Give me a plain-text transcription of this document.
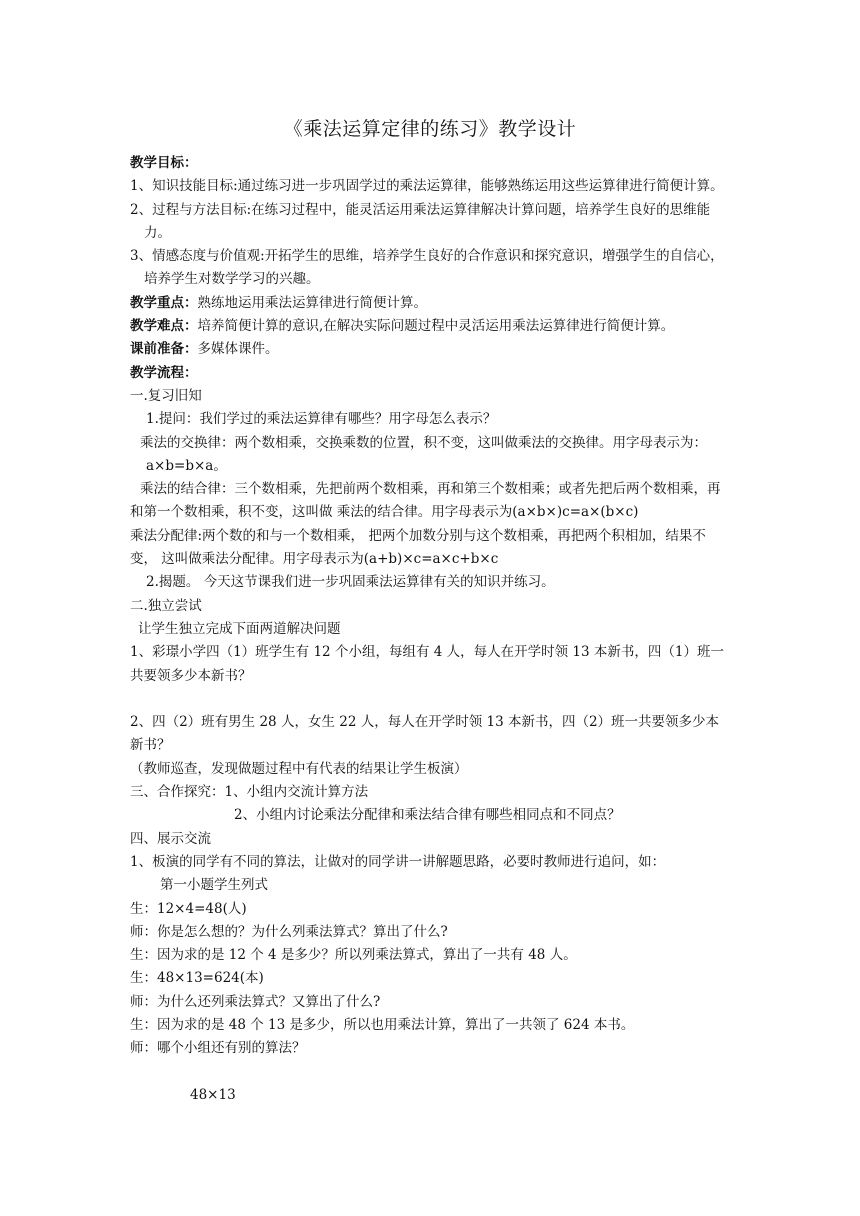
《乘法运算定律的练习》教学设计

教学目标：

1、知识技能目标:通过练习进一步巩固学过的乘法运算律，能够熟练运用这些运算律进行简便计算。

2、过程与方法目标:在练习过程中，能灵活运用乘法运算律解决计算问题，培养学生良好的思维能力。

3、情感态度与价值观:开拓学生的思维，培养学生良好的合作意识和探究意识，增强学生的自信心，培养学生对数学学习的兴趣。

教学重点：熟练地运用乘法运算律进行简便计算。

教学难点：培养简便计算的意识,在解决实际问题过程中灵活运用乘法运算律进行简便计算。

课前准备：多媒体课件。

教学流程：

一.复习旧知

1.提问：我们学过的乘法运算律有哪些？用字母怎么表示？

乘法的交换律：两个数相乘，交换乘数的位置，积不变，这叫做乘法的交换律。用字母表示为： a×b=b×a。

乘法的结合律：三个数相乘，先把前两个数相乘，再和第三个数相乘；或者先把后两个数相乘，再和第一个数相乘，积不变，这叫做 乘法的结合律。用字母表示为(a×b×)c=a×(b×c)

乘法分配律:两个数的和与一个数相乘， 把两个加数分别与这个数相乘，再把两个积相加，结果不变， 这叫做乘法分配律。用字母表示为(a+b)×c=a×c+b×c

2.揭题。 今天这节课我们进一步巩固乘法运算律有关的知识并练习。

二.独立尝试

让学生独立完成下面两道解决问题

1、彩璟小学四（1）班学生有 12 个小组，每组有 4 人，每人在开学时领 13 本新书，四（1）班一共要领多少本新书？

2、四（2）班有男生 28 人，女生 22 人，每人在开学时领 13 本新书，四（2）班一共要领多少本新书？

（教师巡查，发现做题过程中有代表的结果让学生板演）

三、合作探究：1、小组内交流计算方法

2、小组内讨论乘法分配律和乘法结合律有哪些相同点和不同点？

四、展示交流

1、板演的同学有不同的算法，让做对的同学讲一讲解题思路，必要时教师进行追问，如：

第一小题学生列式

生：12×4=48(人)

师：你是怎么想的？为什么列乘法算式？算出了什么?

生：因为求的是 12 个 4 是多少？所以列乘法算式，算出了一共有 48 人。

生：48×13=624(本)

师：为什么还列乘法算式？又算出了什么?

生：因为求的是 48 个 13 是多少，所以也用乘法计算，算出了一共领了 624 本书。

师：哪个小组还有别的算法？

48×13
